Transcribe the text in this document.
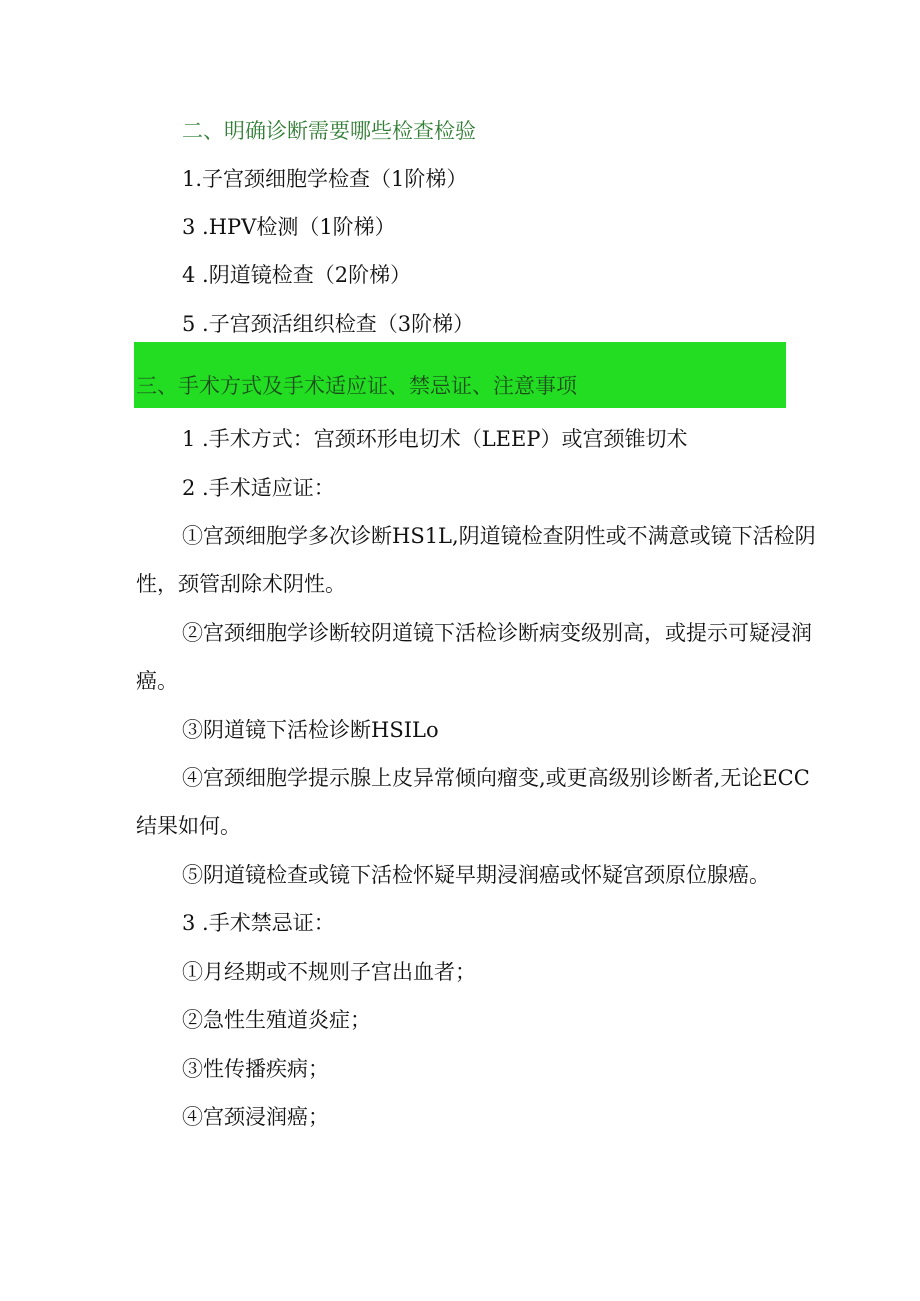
二、明确诊断需要哪些检查检验
1.子宫颈细胞学检查（1阶梯）
3 .HPV检测（1阶梯）
4 .阴道镜检查（2阶梯）
5 .子宫颈活组织检查（3阶梯）
三、手术方式及手术适应证、禁忌证、注意事项
1 .手术方式：宫颈环形电切术（LEEP）或宫颈锥切术
2 .手术适应证：
①宫颈细胞学多次诊断HS1L,阴道镜检查阴性或不满意或镜下活检阴
性，颈管刮除术阴性。
②宫颈细胞学诊断较阴道镜下活检诊断病变级别高，或提示可疑浸润
癌。
③阴道镜下活检诊断HSILo
④宫颈细胞学提示腺上皮异常倾向瘤变,或更高级别诊断者,无论ECC
结果如何。
⑤阴道镜检查或镜下活检怀疑早期浸润癌或怀疑宫颈原位腺癌。
3 .手术禁忌证：
①月经期或不规则子宫出血者；
②急性生殖道炎症；
③性传播疾病；
④宫颈浸润癌；
